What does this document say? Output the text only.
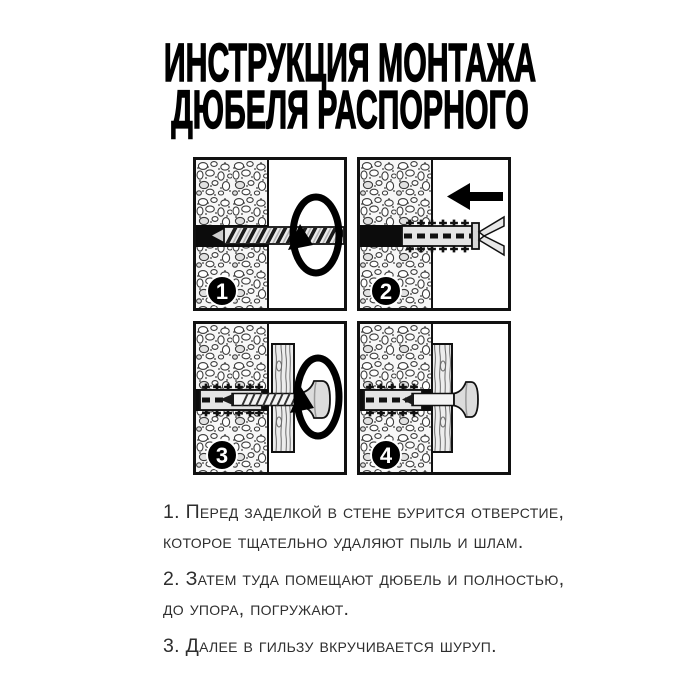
ИНСТРУКЦИЯ МОНТАЖА
ДЮБЕЛЯ РАСПОРНОГО
1	2
3	4
1. Перед заделкой в стене бурится отверстие,
которое тщательно удаляют пыль и шлам.
2. Затем туда помещают дюбель и полностью,
до упора, погружают.
3. Далее в гильзу вкручивается шуруп.
